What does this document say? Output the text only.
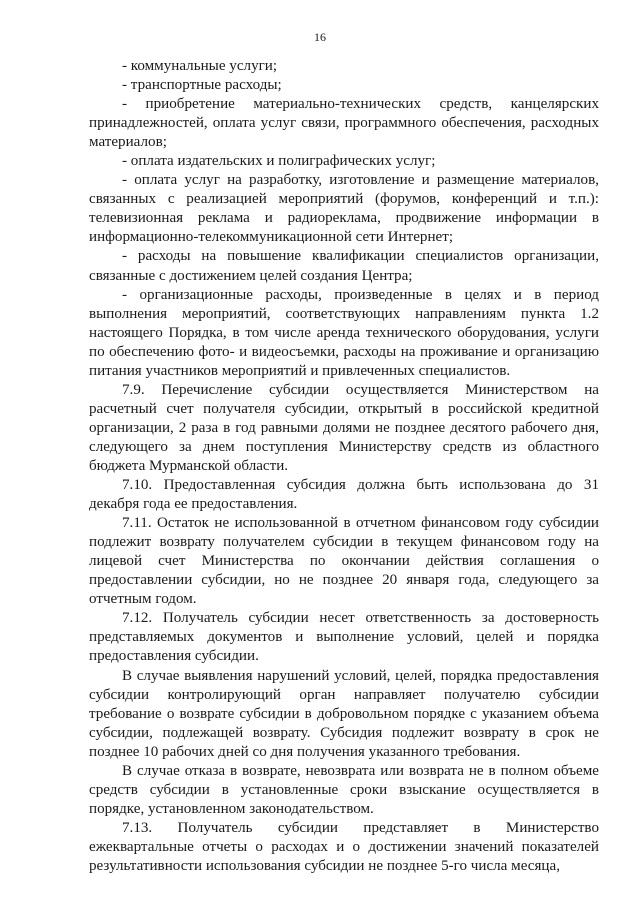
16

- коммунальные услуги;

- транспортные расходы;

- приобретение материально-технических средств, канцелярских принадлежностей, оплата услуг связи, программного обеспечения, расходных материалов;

- оплата издательских и полиграфических услуг;

- оплата услуг на разработку, изготовление и размещение материалов, связанных с реализацией мероприятий (форумов, конференций и т.п.): телевизионная реклама и радиореклама, продвижение информации в информационно-телекоммуникационной сети Интернет;

- расходы на повышение квалификации специалистов организации, связанные с достижением целей создания Центра;

- организационные расходы, произведенные в целях и в период выполнения мероприятий, соответствующих направлениям пункта 1.2 настоящего Порядка, в том числе аренда технического оборудования, услуги по обеспечению фото- и видеосъемки, расходы на проживание и организацию питания участников мероприятий и привлеченных специалистов.

7.9. Перечисление субсидии осуществляется Министерством на расчетный счет получателя субсидии, открытый в российской кредитной организации, 2 раза в год равными долями не позднее десятого рабочего дня, следующего за днем поступления Министерству средств из областного бюджета Мурманской области.

7.10. Предоставленная субсидия должна быть использована до 31 декабря года ее предоставления.

7.11. Остаток не использованной в отчетном финансовом году субсидии подлежит возврату получателем субсидии в текущем финансовом году на лицевой счет Министерства по окончании действия соглашения о предоставлении субсидии, но не позднее 20 января года, следующего за отчетным годом.

7.12. Получатель субсидии несет ответственность за достоверность представляемых документов и выполнение условий, целей и порядка предоставления субсидии.

В случае выявления нарушений условий, целей, порядка предоставления субсидии контролирующий орган направляет получателю субсидии требование о возврате субсидии в добровольном порядке с указанием объема субсидии, подлежащей возврату. Субсидия подлежит возврату в срок не позднее 10 рабочих дней со дня получения указанного требования.

В случае отказа в возврате, невозврата или возврата не в полном объеме средств субсидии в установленные сроки взыскание осуществляется в порядке, установленном законодательством.

7.13. Получатель субсидии представляет в Министерство ежеквартальные отчеты о расходах и о достижении значений показателей результативности использования субсидии не позднее 5-го числа месяца,
